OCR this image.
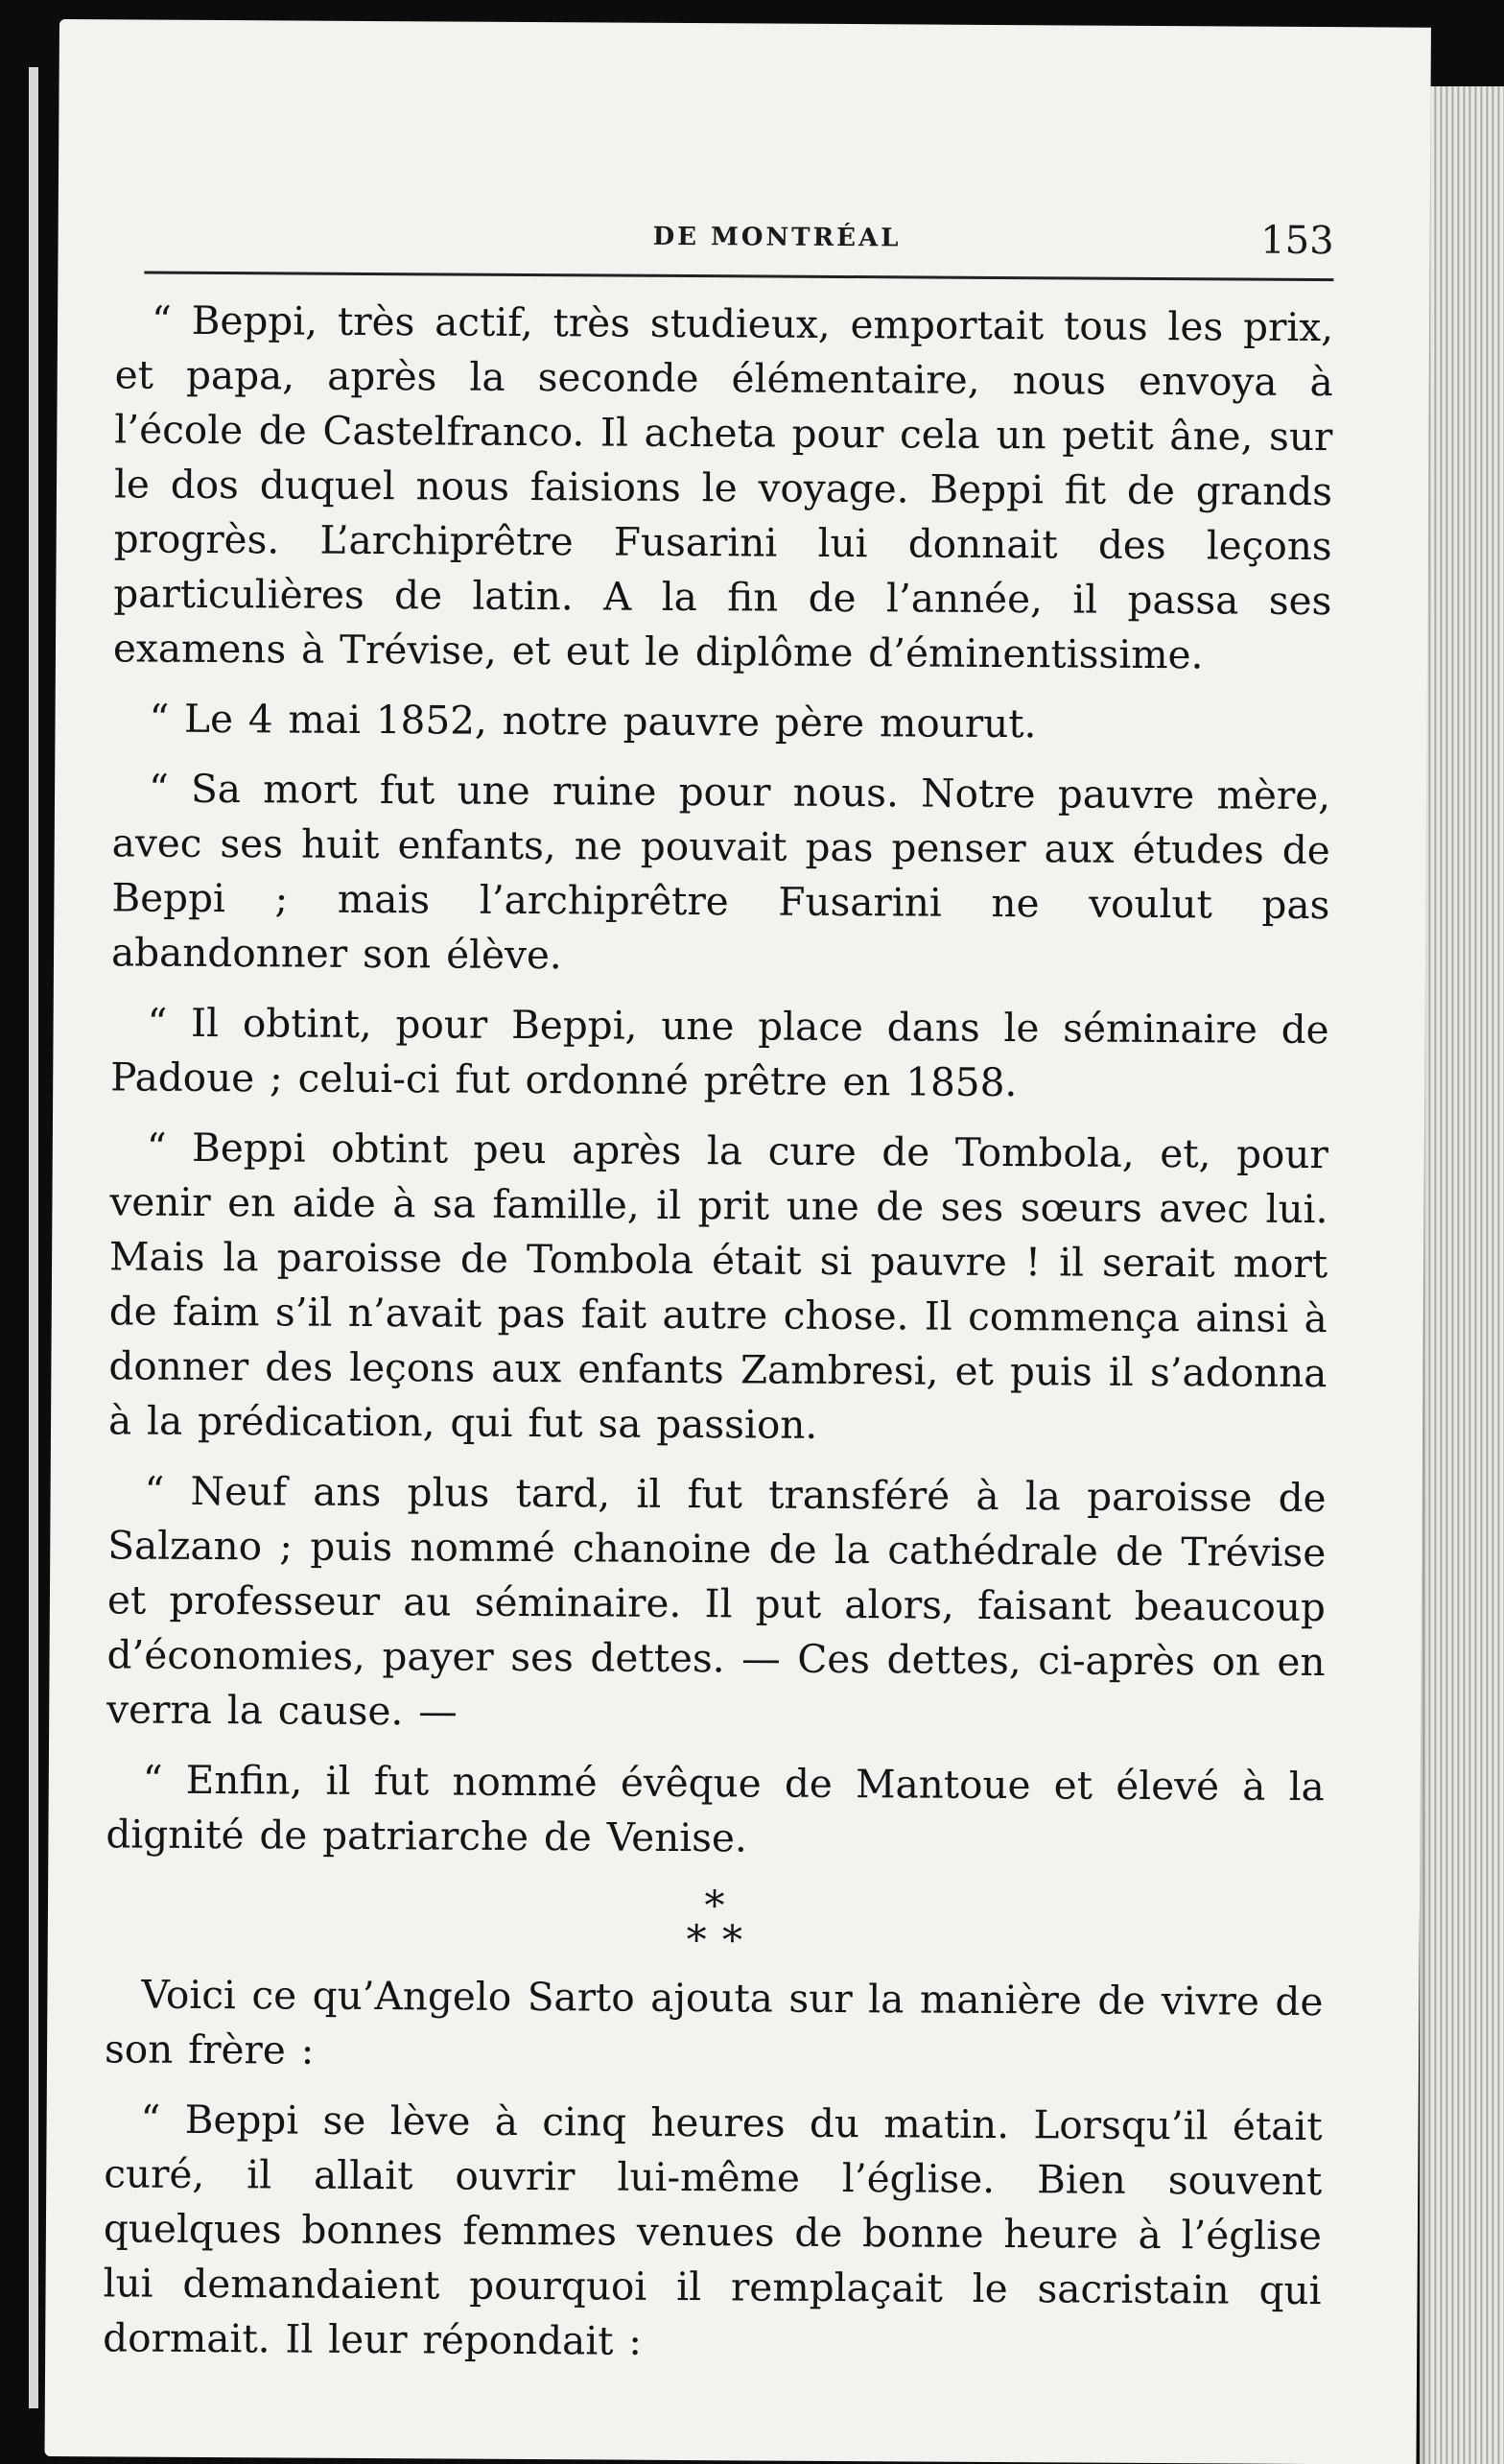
DE MONTRÉAL	153

“ Beppi, très actif, très studieux, emportait tous les prix, et papa, après la seconde élémentaire, nous envoya à l’école de Castelfranco. Il acheta pour cela un petit âne, sur le dos duquel nous faisions le voyage. Beppi fit de grands progrès. L’archiprêtre Fusarini lui donnait des leçons particulières de latin. A la fin de l’année, il passa ses examens à Trévise, et eut le diplôme d’éminentissime.

“ Le 4 mai 1852, notre pauvre père mourut.

“ Sa mort fut une ruine pour nous. Notre pauvre mère, avec ses huit enfants, ne pouvait pas penser aux études de Beppi ; mais l’archiprêtre Fusarini ne voulut pas abandonner son élève.

“ Il obtint, pour Beppi, une place dans le séminaire de Padoue ; celui-ci fut ordonné prêtre en 1858.

“ Beppi obtint peu après la cure de Tombola, et, pour venir en aide à sa famille, il prit une de ses sœurs avec lui. Mais la paroisse de Tombola était si pauvre ! il serait mort de faim s’il n’avait pas fait autre chose. Il commença ainsi à donner des leçons aux enfants Zambresi, et puis il s’adonna à la prédication, qui fut sa passion.

“ Neuf ans plus tard, il fut transféré à la paroisse de Salzano ; puis nommé chanoine de la cathédrale de Trévise et professeur au séminaire. Il put alors, faisant beaucoup d’économies, payer ses dettes. — Ces dettes, ci-après on en verra la cause. —

“ Enfin, il fut nommé évêque de Mantoue et élevé à la dignité de patriarche de Venise.

*
* *

Voici ce qu’Angelo Sarto ajouta sur la manière de vivre de son frère :

“ Beppi se lève à cinq heures du matin. Lorsqu’il était curé, il allait ouvrir lui-même l’église. Bien souvent quelques bonnes femmes venues de bonne heure à l’église lui demandaient pourquoi il remplaçait le sacristain qui dormait. Il leur répondait :
